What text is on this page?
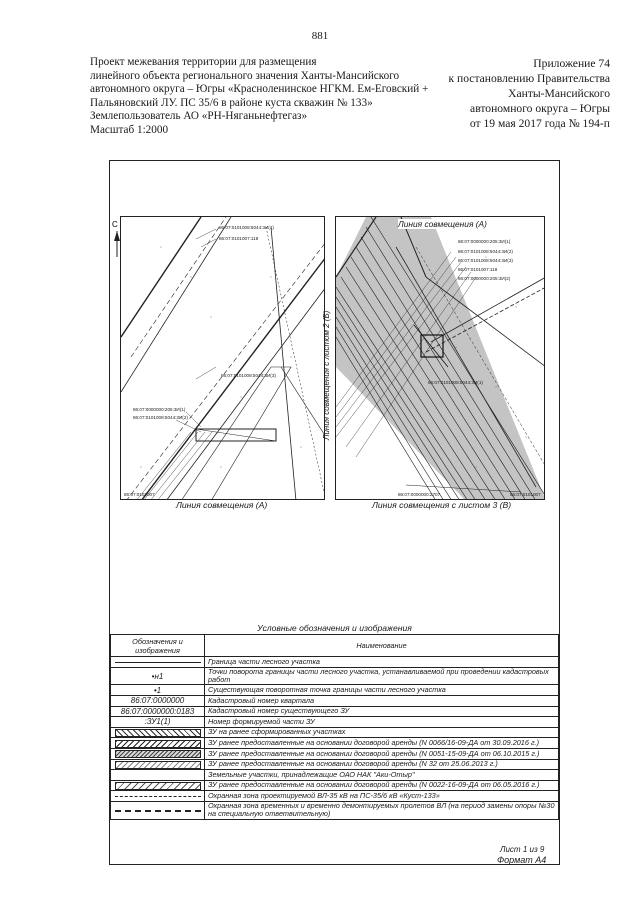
881
Проект межевания территории для размещения
линейного объекта регионального значения Ханты-Мансийского
автономного округа – Югры «Красноленинское НГКМ. Ем-Еговский +
Пальяновский ЛУ. ПС 35/6 в районе куста скважин № 133»
Землепользователь АО «РН-Няганьнефтегаз»
Масштаб 1:2000
Приложение 74
к постановлению Правительства
Ханты-Мансийского
автономного округа – Югры
от 19 мая 2017 года № 194-п
С	86:07:0101008:5044:3И(1)
86:07:0101007:118
86:07:0101008:5044:3И(3)
86:07:0000000:205:3И(1)
86:07:0101008:5044:3И(2)
86:07:0101007
Линия совмещения (А)
Линия совмещения (А)
86:07:0000000:205:3И(1)
86:07:0101008:5044:3И(2)
86:07:0101008:5044:3И(3)
86:07:0101007:118
86:07:0000000:205:3И(2)
86:07:0101008:5044:3И(1)
86:07:0101007
86:07:0000000:2707
Линия совмещения с листом 2 (Б)
Линия совмещения с листом 3 (В)
Условные обозначения и изображения
Обозначения и изображения	Наименование
	Граница части лесного участка
•н1	Точки поворота границы части лесного участка, устанавливаемой при проведении кадастровых работ
•1	Существующая поворотная точка границы части лесного участка
86:07:0000000	Кадастровый номер квартала
86:07:0000000:0183	Кадастровый номер существующего ЗУ
:ЗУ1(1)	Номер формируемой части ЗУ
	ЗУ на ранее сформированных участках
	ЗУ ранее предоставленные на основании договорой аренды (N 0066/16-09-ДА от 30.09.2016 г.)
	ЗУ ранее предоставленные на основании договорой аренды (N 0051-15-09-ДА от 06.10.2015 г.)
	ЗУ ранее предоставленные на основании договорой аренды (N 32 от 25.06.2013 г.)
	Земельные участки, принадлежащие ОАО НАК "Аки-Отыр"
	ЗУ ранее предоставленные на основании договорой аренды (N 0022-16-09-ДА от 06.05.2016 г.)
	Охранная зона проектируемой ВЛ-35 кВ на ПС-35/6 кВ «Куст-133»
	Охранная зона временных и временно демонтируемых пролетов ВЛ (на период замены опоры №30 на специальную ответвительную)
Лист 1 из 9
Формат А4
